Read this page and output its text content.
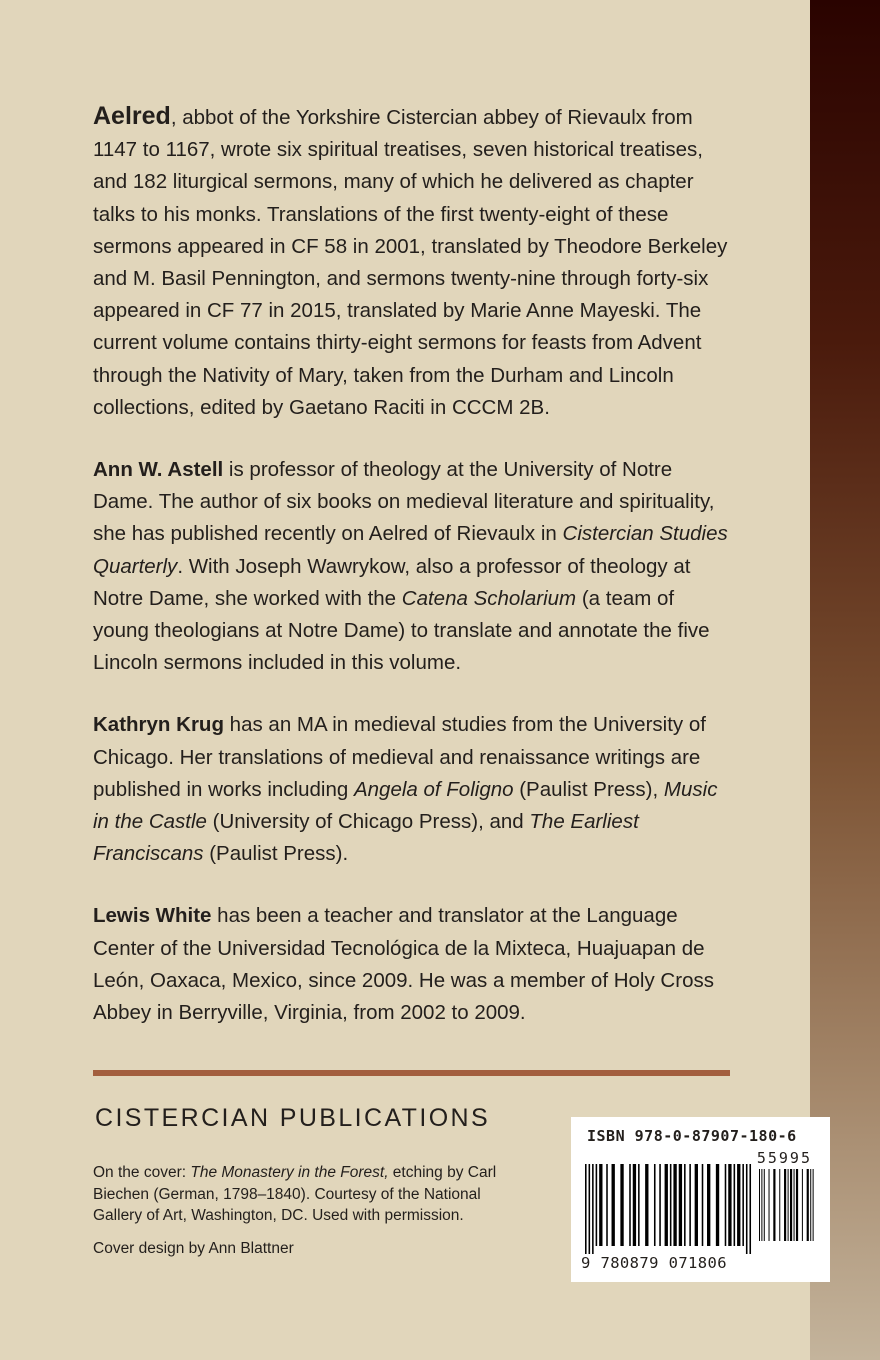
Aelred, abbot of the Yorkshire Cistercian abbey of Rievaulx from 1147 to 1167, wrote six spiritual treatises, seven historical treatises, and 182 liturgical sermons, many of which he delivered as chapter talks to his monks. Translations of the first twenty-eight of these sermons appeared in CF 58 in 2001, translated by Theodore Berkeley and M. Basil Pennington, and sermons twenty-nine through forty-six appeared in CF 77 in 2015, translated by Marie Anne Mayeski. The current volume contains thirty-eight sermons for feasts from Advent through the Nativity of Mary, taken from the Durham and Lincoln collections, edited by Gaetano Raciti in CCCM 2B.

Ann W. Astell is professor of theology at the University of Notre Dame. The author of six books on medieval literature and spirituality, she has published recently on Aelred of Rievaulx in Cistercian Studies Quarterly. With Joseph Wawrykow, also a professor of theology at Notre Dame, she worked with the Catena Scholarium (a team of young theologians at Notre Dame) to translate and annotate the five Lincoln sermons included in this volume.

Kathryn Krug has an MA in medieval studies from the University of Chicago. Her translations of medieval and renaissance writings are published in works including Angela of Foligno (Paulist Press), Music in the Castle (University of Chicago Press), and The Earliest Franciscans (Paulist Press).

Lewis White has been a teacher and translator at the Language Center of the Universidad Tecnológica de la Mixteca, Huajuapan de León, Oaxaca, Mexico, since 2009. He was a member of Holy Cross Abbey in Berryville, Virginia, from 2002 to 2009.

CISTERCIAN PUBLICATIONS

On the cover: The Monastery in the Forest, etching by Carl Biechen (German, 1798–1840). Courtesy of the National Gallery of Art, Washington, DC. Used with permission.

Cover design by Ann Blattner

ISBN 978-0-87907-180-6
55995
9 780879 071806
